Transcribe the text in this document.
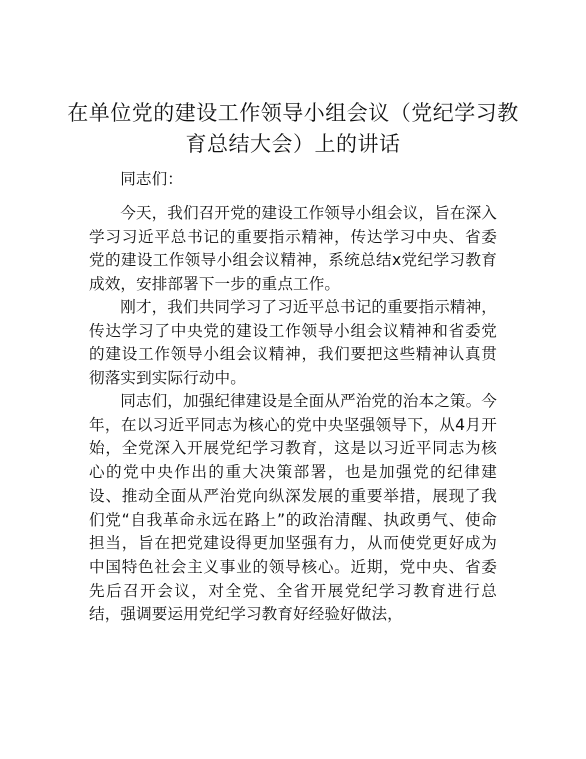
在单位党的建设工作领导小组会议（党纪学习教育总结大会）上的讲话

同志们：

今天，我们召开党的建设工作领导小组会议，旨在深入学习习近平总书记的重要指示精神，传达学习中央、省委党的建设工作领导小组会议精神，系统总结x党纪学习教育成效，安排部署下一步的重点工作。

刚才，我们共同学习了习近平总书记的重要指示精神，传达学习了中央党的建设工作领导小组会议精神和省委党的建设工作领导小组会议精神，我们要把这些精神认真贯彻落实到实际行动中。

同志们，加强纪律建设是全面从严治党的治本之策。今年，在以习近平同志为核心的党中央坚强领导下，从4月开始，全党深入开展党纪学习教育，这是以习近平同志为核心的党中央作出的重大决策部署，也是加强党的纪律建设、推动全面从严治党向纵深发展的重要举措，展现了我们党“自我革命永远在路上”的政治清醒、执政勇气、使命担当，旨在把党建设得更加坚强有力，从而使党更好成为中国特色社会主义事业的领导核心。近期，党中央、省委先后召开会议，对全党、全省开展党纪学习教育进行总结，强调要运用党纪学习教育好经验好做法，
